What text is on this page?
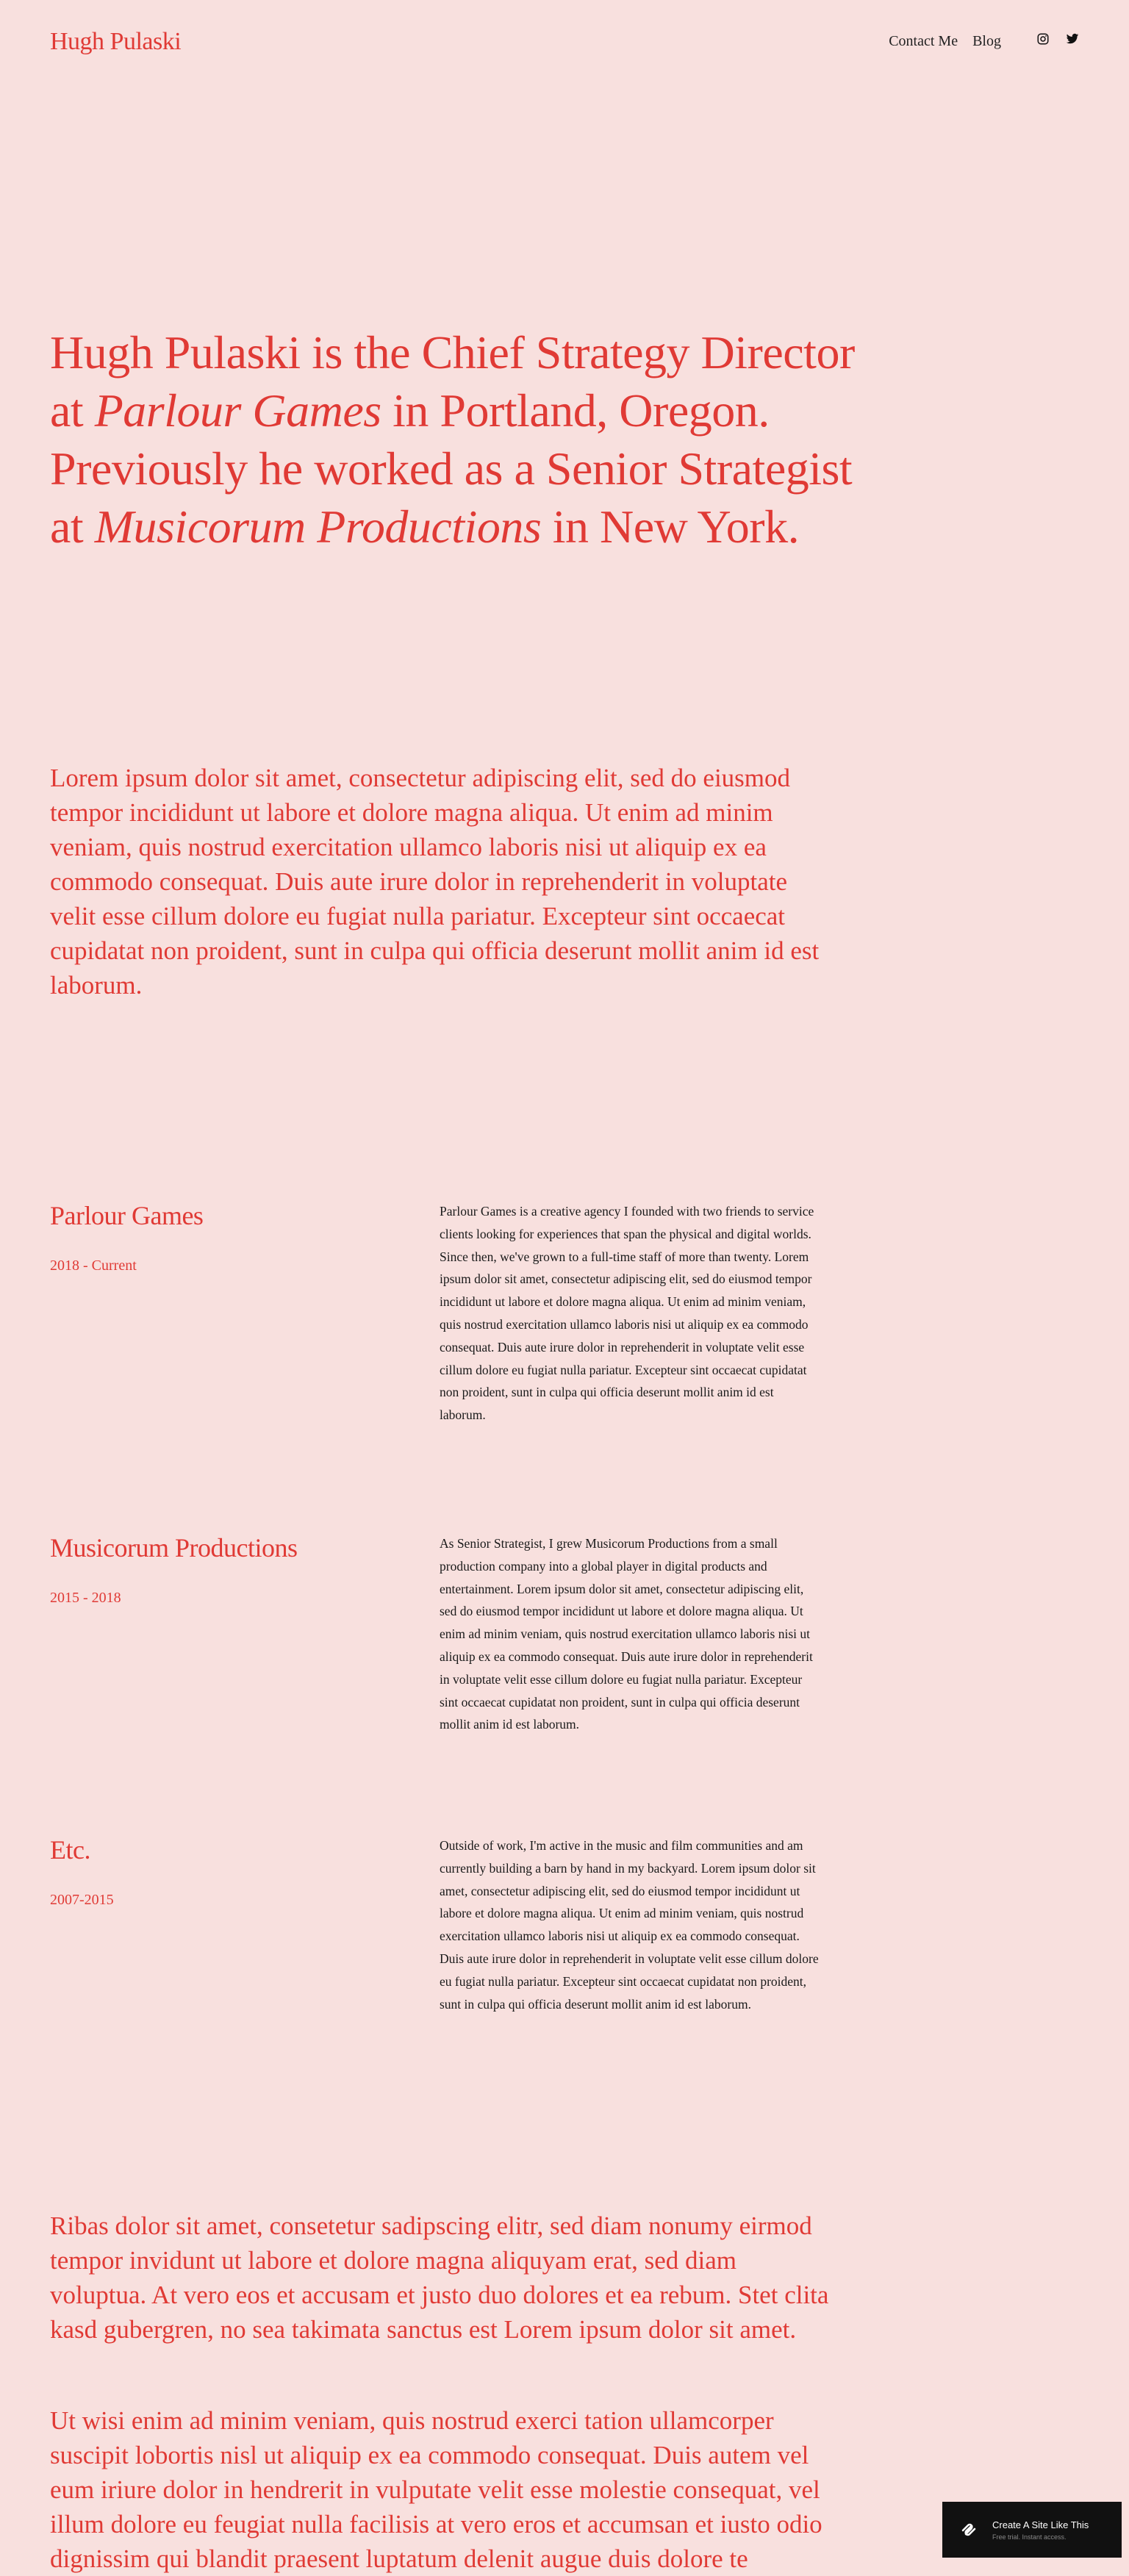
Hugh Pulaski	Contact Me Blog
Hugh Pulaski is the Chief Strategy Director at Parlour Games in Portland, Oregon. Previously he worked as a Senior Strategist at Musicorum Productions in New York.

Lorem ipsum dolor sit amet, consectetur adipiscing elit, sed do eiusmod tempor incididunt ut labore et dolore magna aliqua. Ut enim ad minim veniam, quis nostrud exercitation ullamco laboris nisi ut aliquip ex ea commodo consequat. Duis aute irure dolor in reprehenderit in voluptate velit esse cillum dolore eu fugiat nulla pariatur. Excepteur sint occaecat cupidatat non proident, sunt in culpa qui officia deserunt mollit anim id est laborum.

Parlour Games
2018 - Current

Parlour Games is a creative agency I founded with two friends to service clients looking for experiences that span the physical and digital worlds. Since then, we've grown to a full-time staff of more than twenty. Lorem ipsum dolor sit amet, consectetur adipiscing elit, sed do eiusmod tempor incididunt ut labore et dolore magna aliqua. Ut enim ad minim veniam, quis nostrud exercitation ullamco laboris nisi ut aliquip ex ea commodo consequat. Duis aute irure dolor in reprehenderit in voluptate velit esse cillum dolore eu fugiat nulla pariatur. Excepteur sint occaecat cupidatat non proident, sunt in culpa qui officia deserunt mollit anim id est laborum.

Musicorum Productions
2015 - 2018

As Senior Strategist, I grew Musicorum Productions from a small production company into a global player in digital products and entertainment. Lorem ipsum dolor sit amet, consectetur adipiscing elit, sed do eiusmod tempor incididunt ut labore et dolore magna aliqua. Ut enim ad minim veniam, quis nostrud exercitation ullamco laboris nisi ut aliquip ex ea commodo consequat. Duis aute irure dolor in reprehenderit in voluptate velit esse cillum dolore eu fugiat nulla pariatur. Excepteur sint occaecat cupidatat non proident, sunt in culpa qui officia deserunt mollit anim id est laborum.

Etc.
2007-2015

Outside of work, I'm active in the music and film communities and am currently building a barn by hand in my backyard. Lorem ipsum dolor sit amet, consectetur adipiscing elit, sed do eiusmod tempor incididunt ut labore et dolore magna aliqua. Ut enim ad minim veniam, quis nostrud exercitation ullamco laboris nisi ut aliquip ex ea commodo consequat. Duis aute irure dolor in reprehenderit in voluptate velit esse cillum dolore eu fugiat nulla pariatur. Excepteur sint occaecat cupidatat non proident, sunt in culpa qui officia deserunt mollit anim id est laborum.

Ribas dolor sit amet, consetetur sadipscing elitr, sed diam nonumy eirmod tempor invidunt ut labore et dolore magna aliquyam erat, sed diam voluptua. At vero eos et accusam et justo duo dolores et ea rebum. Stet clita kasd gubergren, no sea takimata sanctus est Lorem ipsum dolor sit amet.

Ut wisi enim ad minim veniam, quis nostrud exerci tation ullamcorper suscipit lobortis nisl ut aliquip ex ea commodo consequat. Duis autem vel eum iriure dolor in hendrerit in vulputate velit esse molestie consequat, vel illum dolore eu feugiat nulla facilisis at vero eros et accumsan et iusto odio dignissim qui blandit praesent luptatum delenit augue duis dolore te

Create A Site Like This
Free trial. Instant access.
